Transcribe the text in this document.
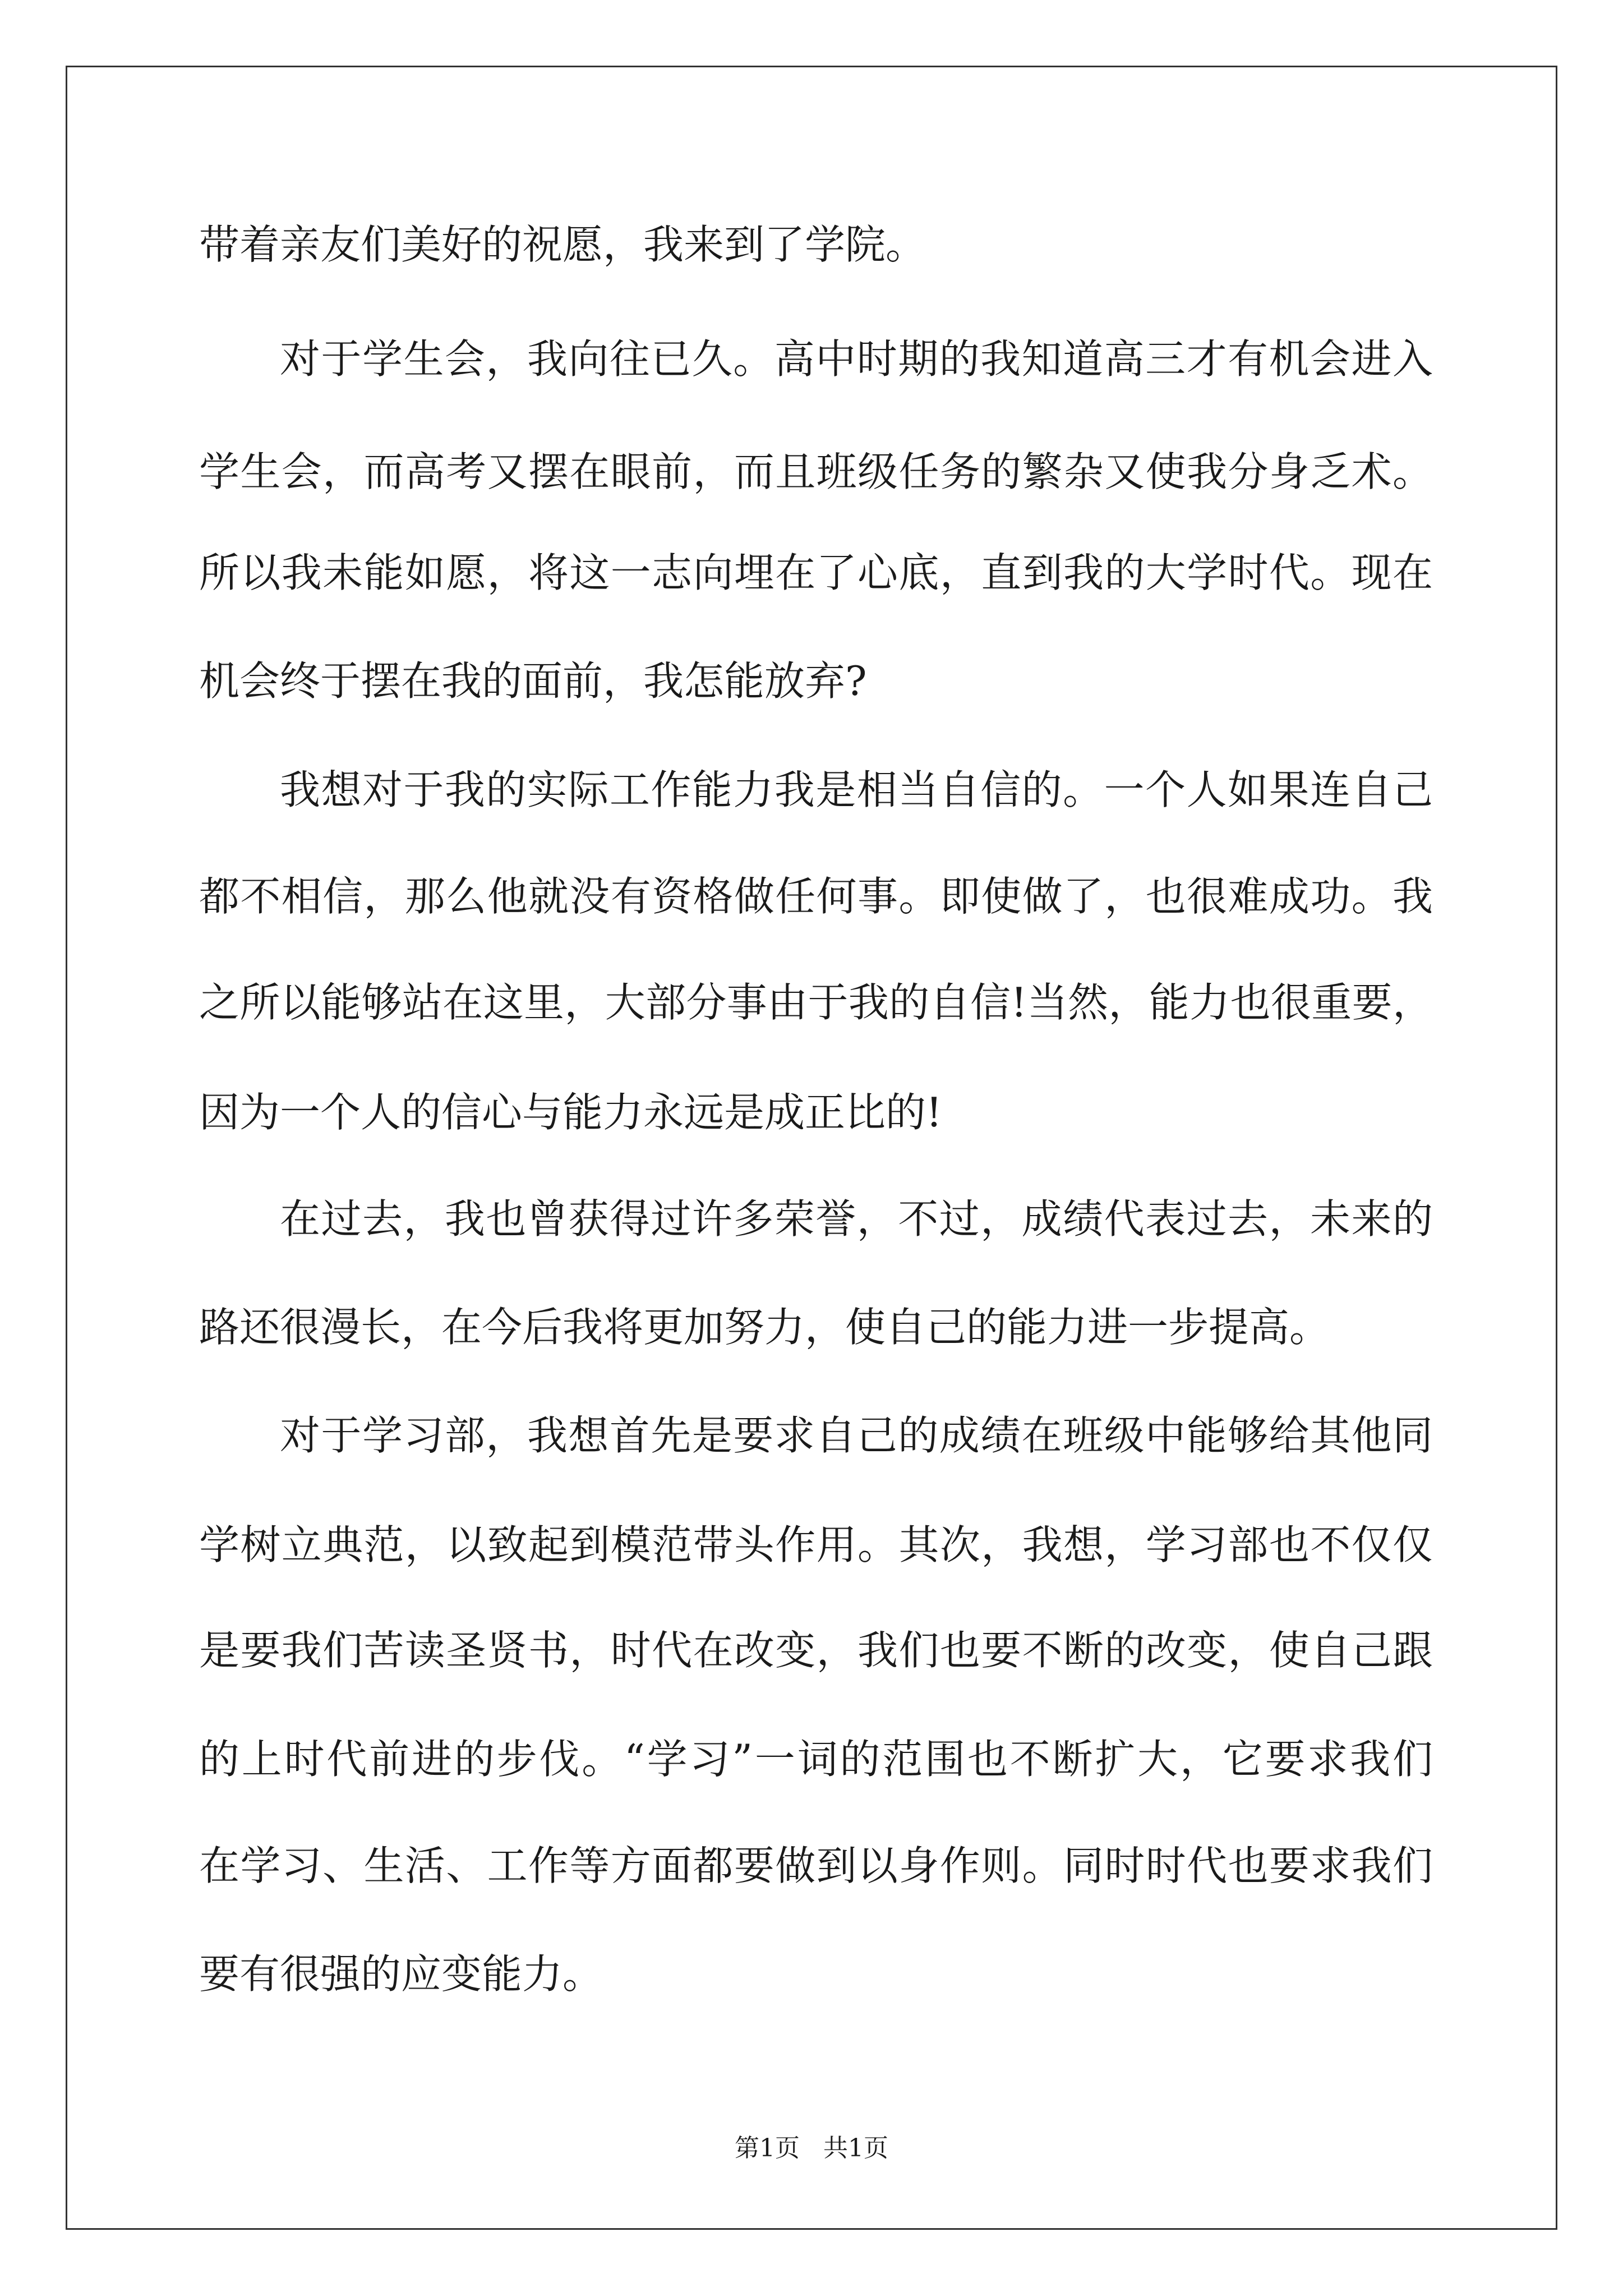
带着亲友们美好的祝愿，我来到了学院。
对于学生会，我向往已久。高中时期的我知道高三才有机会进入
学生会，而高考又摆在眼前，而且班级任务的繁杂又使我分身乏术。
所以我未能如愿，将这一志向埋在了心底，直到我的大学时代。现在
机会终于摆在我的面前，我怎能放弃?
我想对于我的实际工作能力我是相当自信的。一个人如果连自己
都不相信，那么他就没有资格做任何事。即使做了，也很难成功。我
之所以能够站在这里，大部分事由于我的自信!当然，能力也很重要，
因为一个人的信心与能力永远是成正比的!
在过去，我也曾获得过许多荣誉，不过，成绩代表过去，未来的
路还很漫长，在今后我将更加努力，使自己的能力进一步提高。
对于学习部，我想首先是要求自己的成绩在班级中能够给其他同
学树立典范，以致起到模范带头作用。其次，我想，学习部也不仅仅
是要我们苦读圣贤书，时代在改变，我们也要不断的改变，使自己跟
的上时代前进的步伐。“学习”一词的范围也不断扩大，它要求我们
在学习、生活、工作等方面都要做到以身作则。同时时代也要求我们
要有很强的应变能力。
第1页   共1页
